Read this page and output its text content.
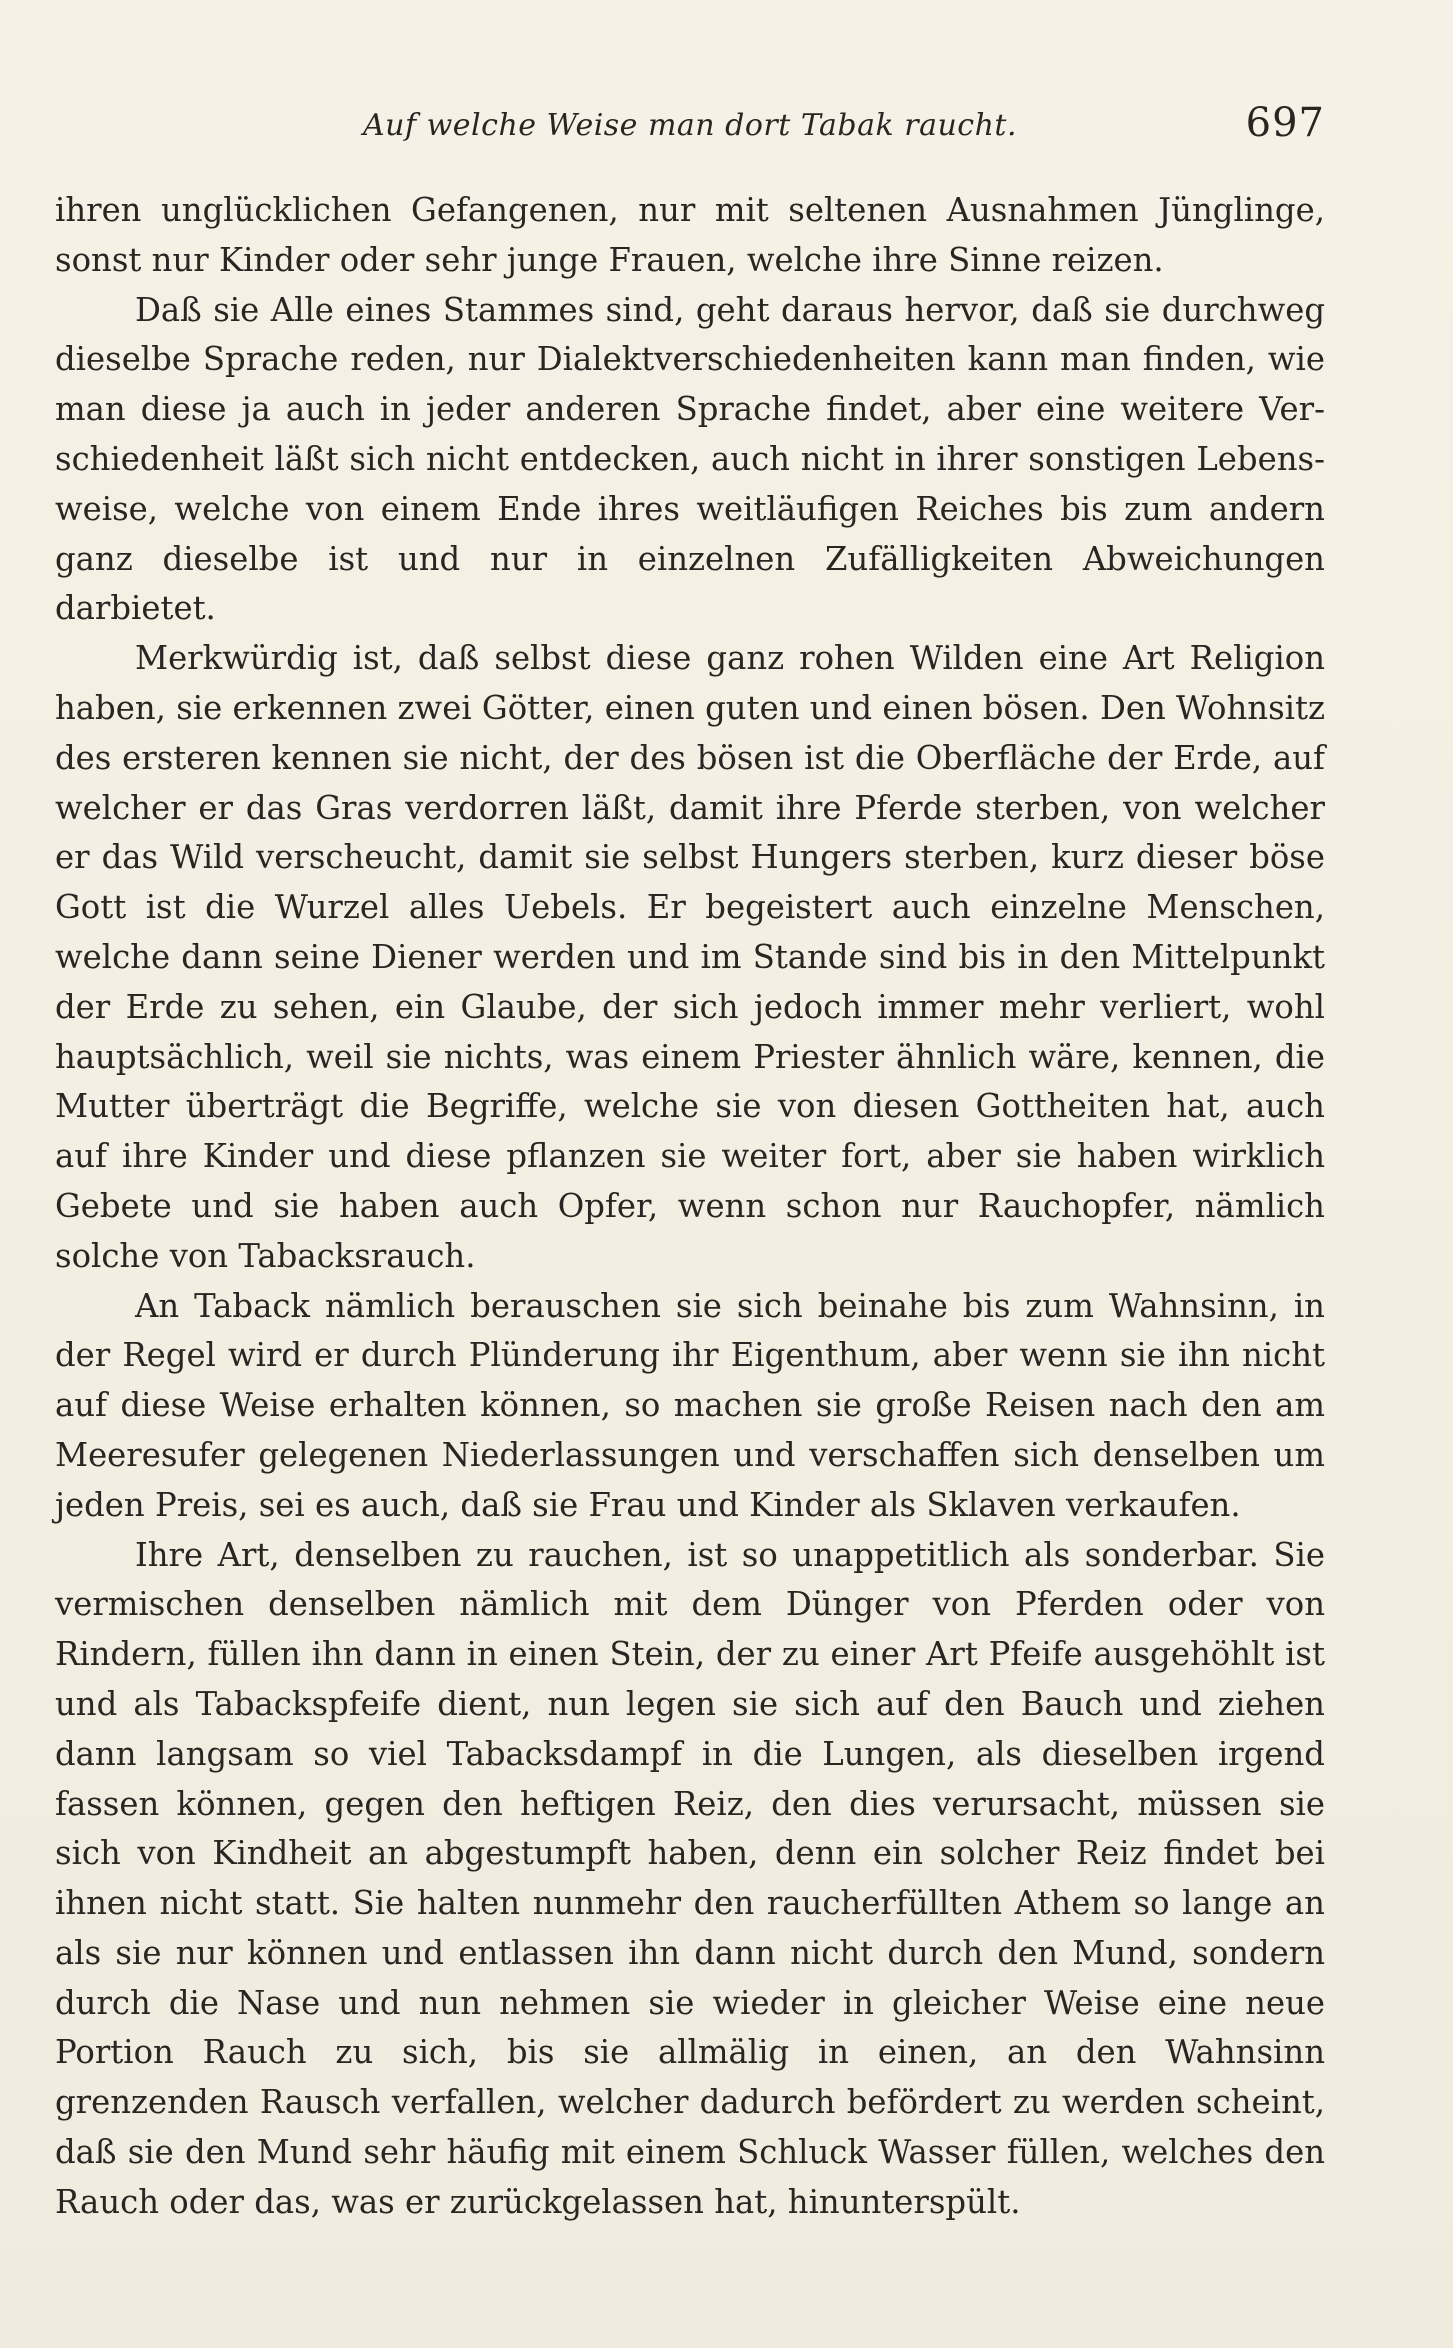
Auf welche Weise man dort Tabak raucht.	697

ihren unglücklichen Gefangenen, nur mit seltenen Ausnahmen Jünglinge, sonst nur Kinder oder sehr junge Frauen, welche ihre Sinne reizen.

Daß sie Alle eines Stammes sind, geht daraus hervor, daß sie durchweg dieselbe Sprache reden, nur Dialektverschiedenheiten kann man finden, wie man diese ja auch in jeder anderen Sprache findet, aber eine weitere Verschiedenheit läßt sich nicht entdecken, auch nicht in ihrer sonstigen Lebensweise, welche von einem Ende ihres weitläufigen Reiches bis zum andern ganz dieselbe ist und nur in einzelnen Zufälligkeiten Abweichungen darbietet.

Merkwürdig ist, daß selbst diese ganz rohen Wilden eine Art Religion haben, sie erkennen zwei Götter, einen guten und einen bösen. Den Wohnsitz des ersteren kennen sie nicht, der des bösen ist die Oberfläche der Erde, auf welcher er das Gras verdorren läßt, damit ihre Pferde sterben, von welcher er das Wild verscheucht, damit sie selbst Hungers sterben, kurz dieser böse Gott ist die Wurzel alles Uebels. Er begeistert auch einzelne Menschen, welche dann seine Diener werden und im Stande sind bis in den Mittelpunkt der Erde zu sehen, ein Glaube, der sich jedoch immer mehr verliert, wohl hauptsächlich, weil sie nichts, was einem Priester ähnlich wäre, kennen, die Mutter überträgt die Begriffe, welche sie von diesen Gottheiten hat, auch auf ihre Kinder und diese pflanzen sie weiter fort, aber sie haben wirklich Gebete und sie haben auch Opfer, wenn schon nur Rauchopfer, nämlich solche von Tabacksrauch.

An Taback nämlich berauschen sie sich beinahe bis zum Wahnsinn, in der Regel wird er durch Plünderung ihr Eigenthum, aber wenn sie ihn nicht auf diese Weise erhalten können, so machen sie große Reisen nach den am Meeresufer gelegenen Niederlassungen und verschaffen sich denselben um jeden Preis, sei es auch, daß sie Frau und Kinder als Sklaven verkaufen.

Ihre Art, denselben zu rauchen, ist so unappetitlich als sonderbar. Sie vermischen denselben nämlich mit dem Dünger von Pferden oder von Rindern, füllen ihn dann in einen Stein, der zu einer Art Pfeife ausgehöhlt ist und als Tabackspfeife dient, nun legen sie sich auf den Bauch und ziehen dann langsam so viel Tabacksdampf in die Lungen, als dieselben irgend fassen können, gegen den heftigen Reiz, den dies verursacht, müssen sie sich von Kindheit an abgestumpft haben, denn ein solcher Reiz findet bei ihnen nicht statt. Sie halten nunmehr den raucherfüllten Athem so lange an als sie nur können und entlassen ihn dann nicht durch den Mund, sondern durch die Nase und nun nehmen sie wieder in gleicher Weise eine neue Portion Rauch zu sich, bis sie allmälig in einen, an den Wahnsinn grenzenden Rausch verfallen, welcher dadurch befördert zu werden scheint, daß sie den Mund sehr häufig mit einem Schluck Wasser füllen, welches den Rauch oder das, was er zurückgelassen hat, hinunterspült.
